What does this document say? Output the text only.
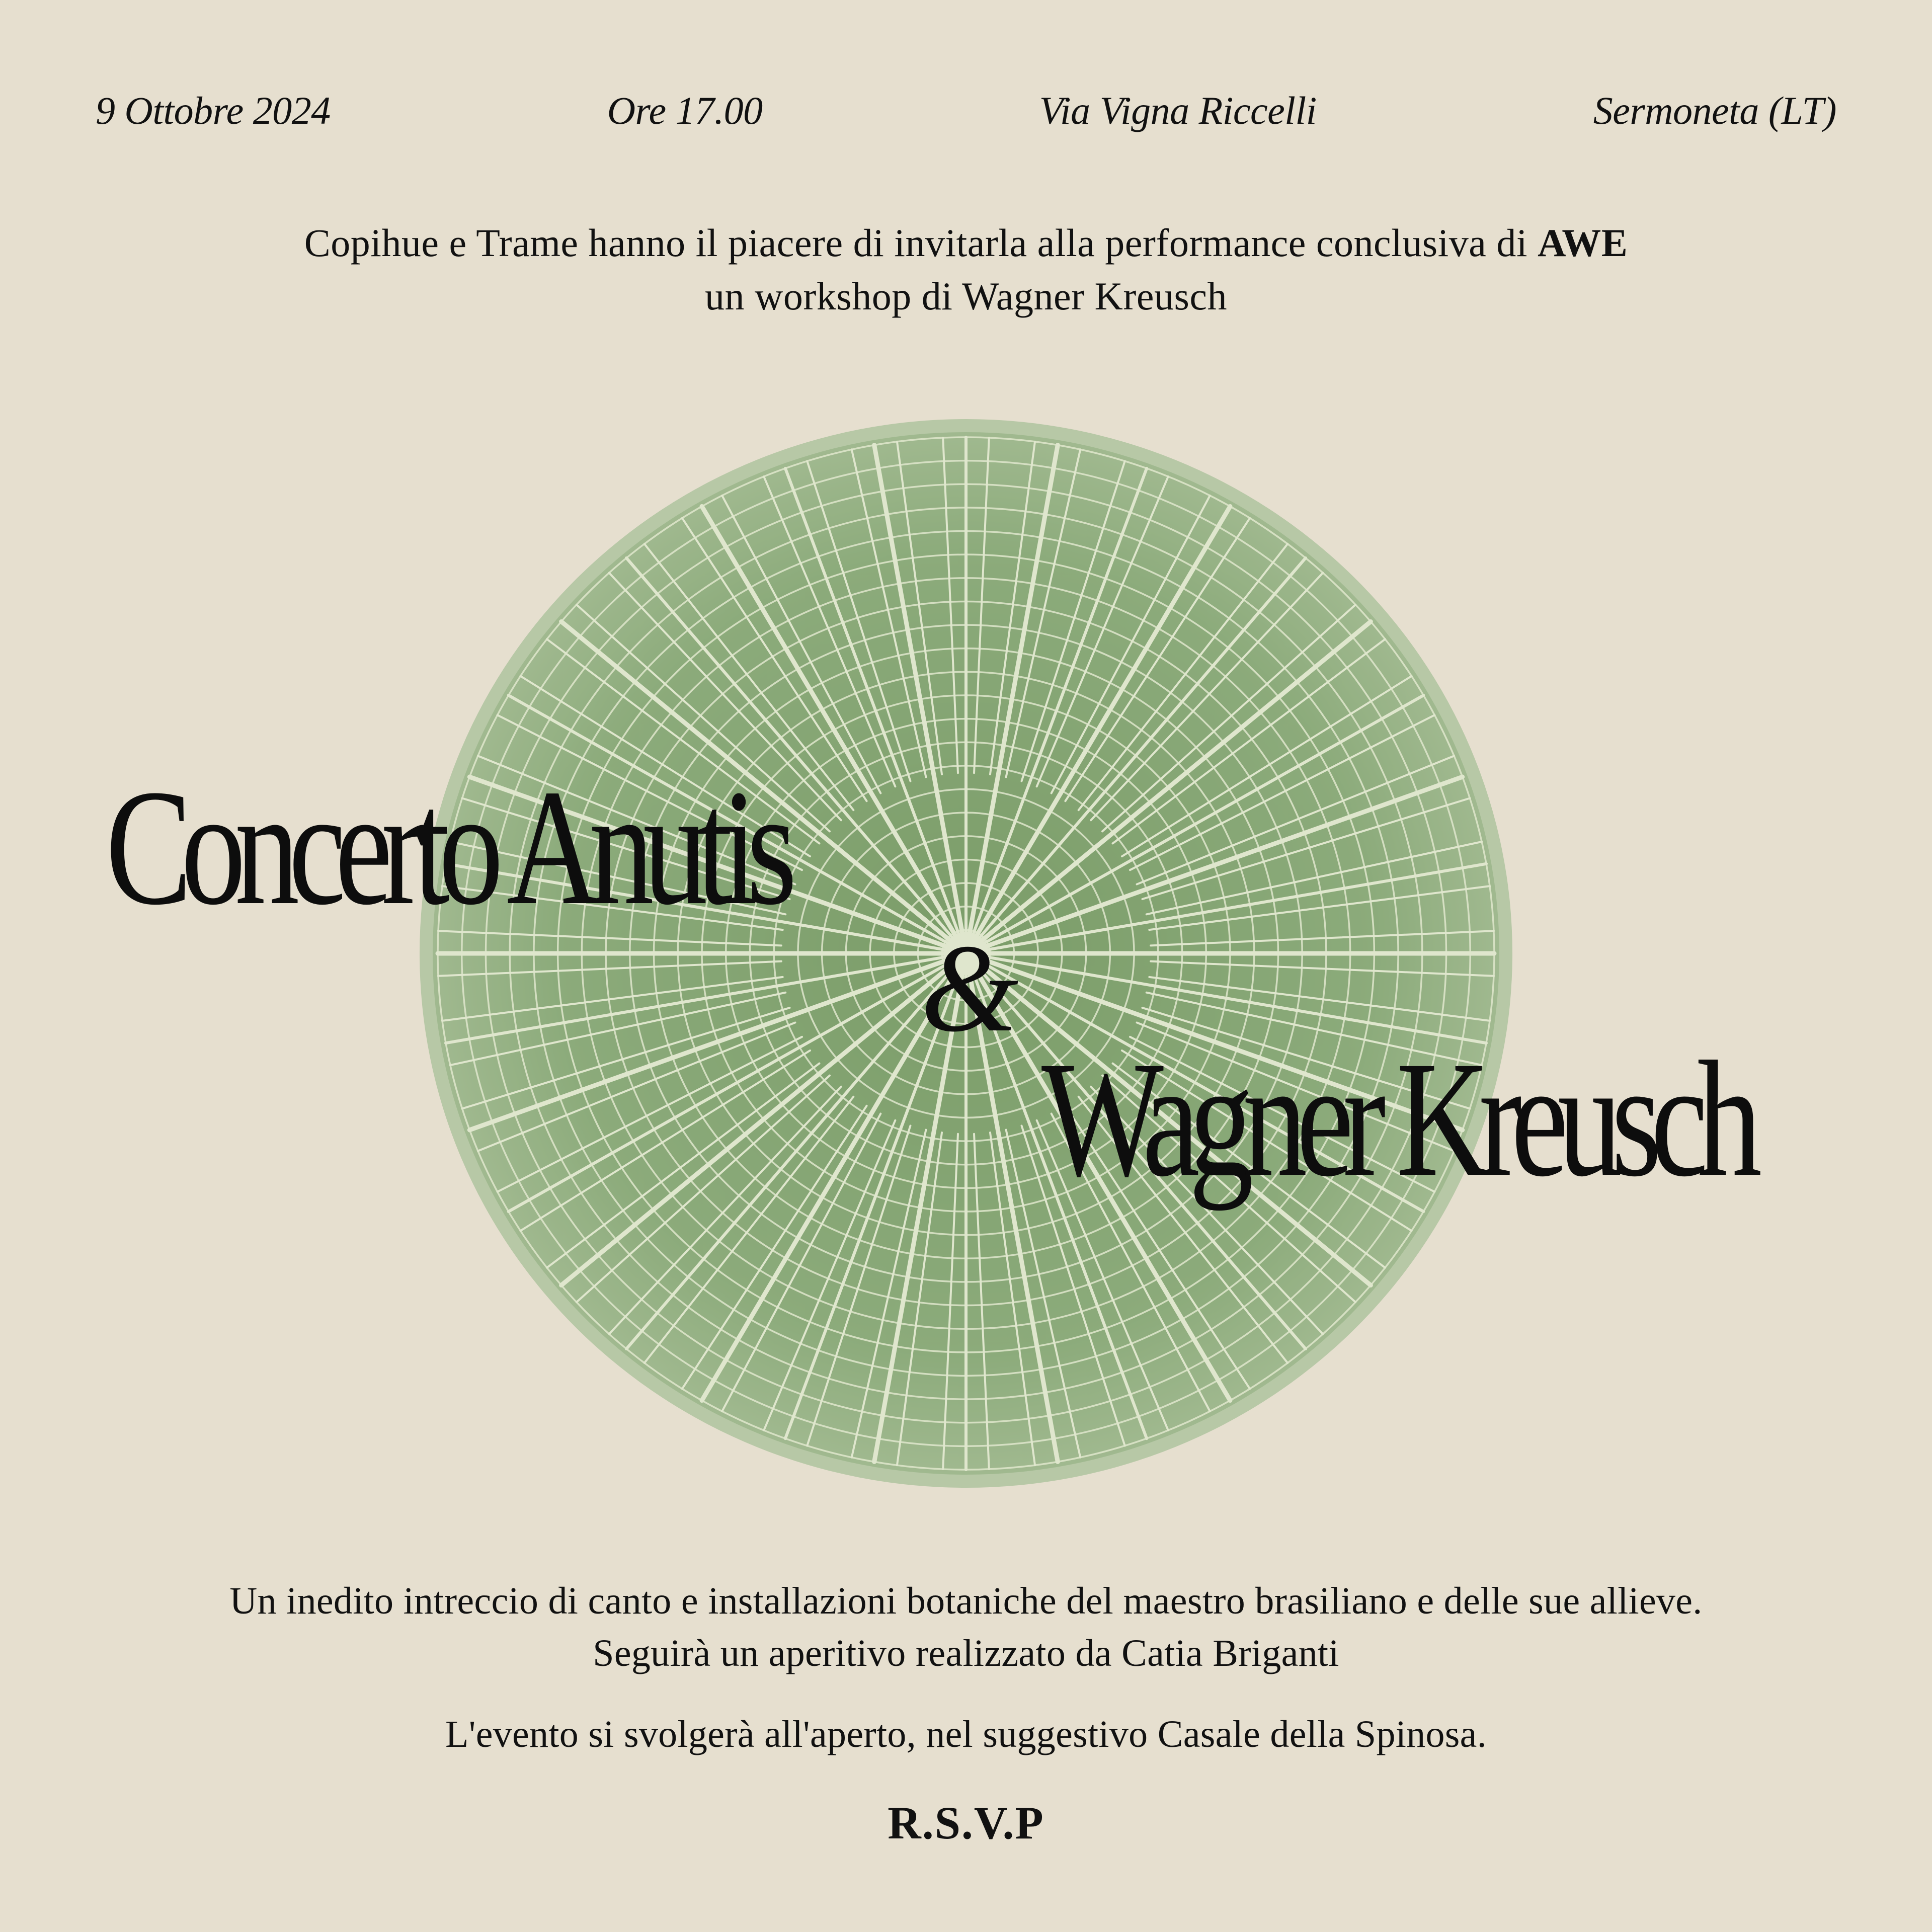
9 Ottobre 2024	Ore 17.00	Via Vigna Riccelli	Sermoneta (LT)
Copihue e Trame hanno il piacere di invitarla alla performance conclusiva di AWE
un workshop di Wagner Kreusch
Concerto Anutis
&
Wagner Kreusch
Un inedito intreccio di canto e installazioni botaniche del maestro brasiliano e delle sue allieve.
Seguirà un aperitivo realizzato da Catia Briganti
L'evento si svolgerà all'aperto, nel suggestivo Casale della Spinosa.
R.S.V.P
